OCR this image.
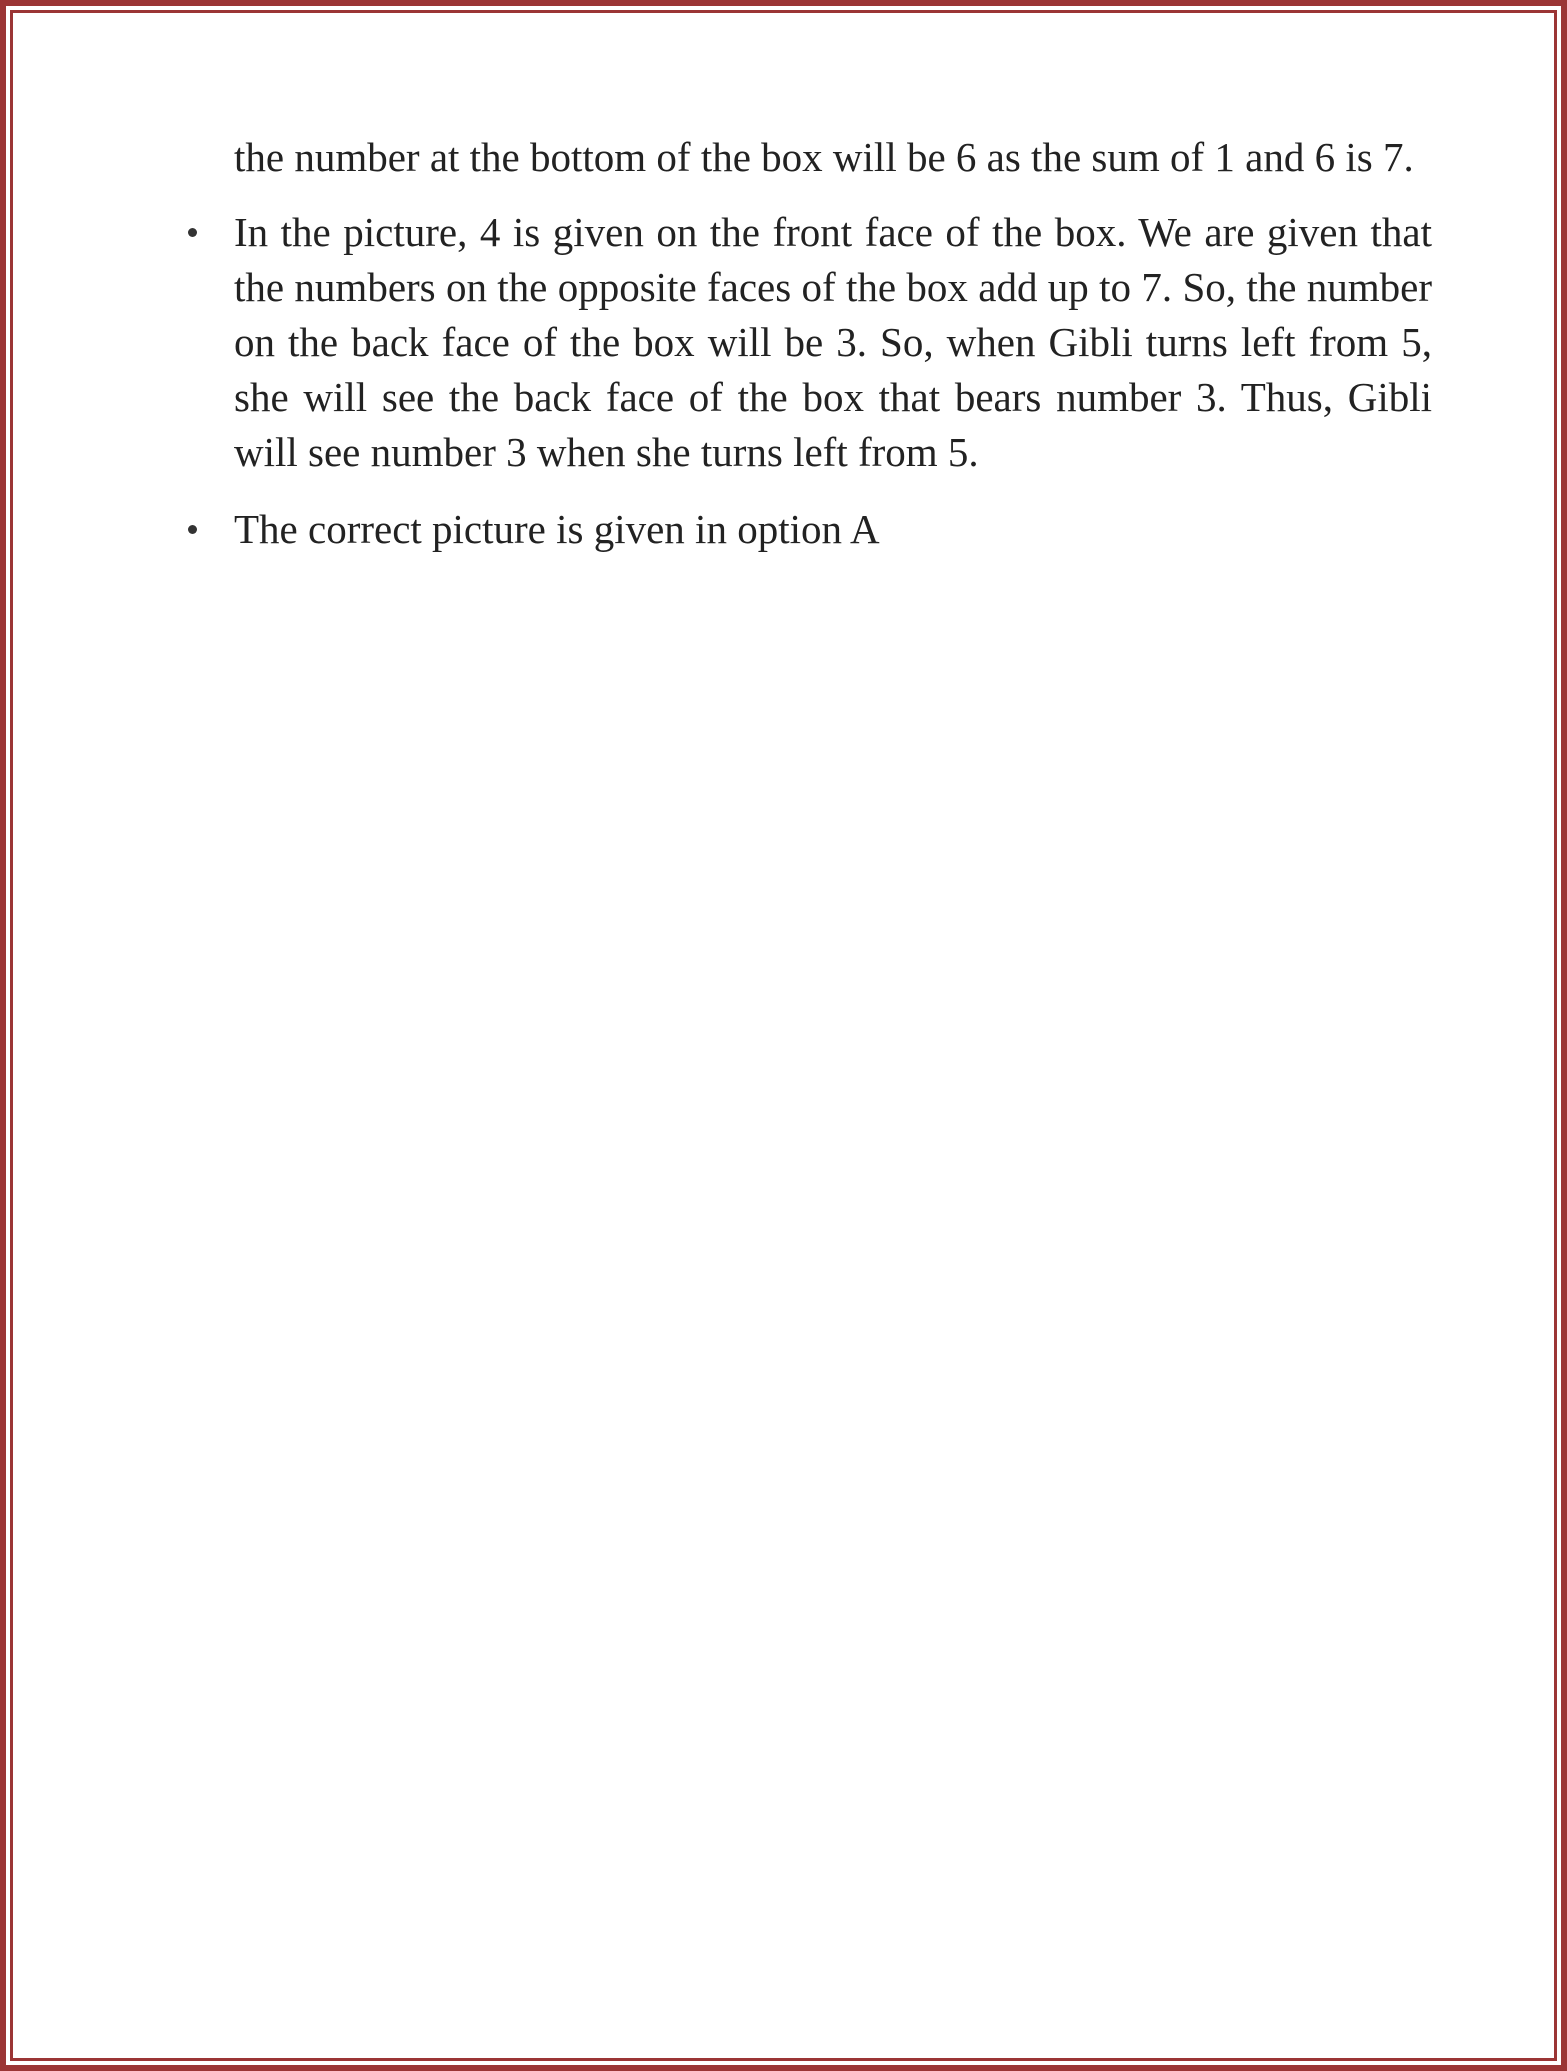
the number at the bottom of the box will be 6 as the sum of 1 and 6 is 7.

In the picture, 4 is given on the front face of the box. We are given that the numbers on the opposite faces of the box add up to 7. So, the number on the back face of the box will be 3. So, when Gibli turns left from 5, she will see the back face of the box that bears number 3. Thus, Gibli will see number 3 when she turns left from 5.
The correct picture is given in option A
